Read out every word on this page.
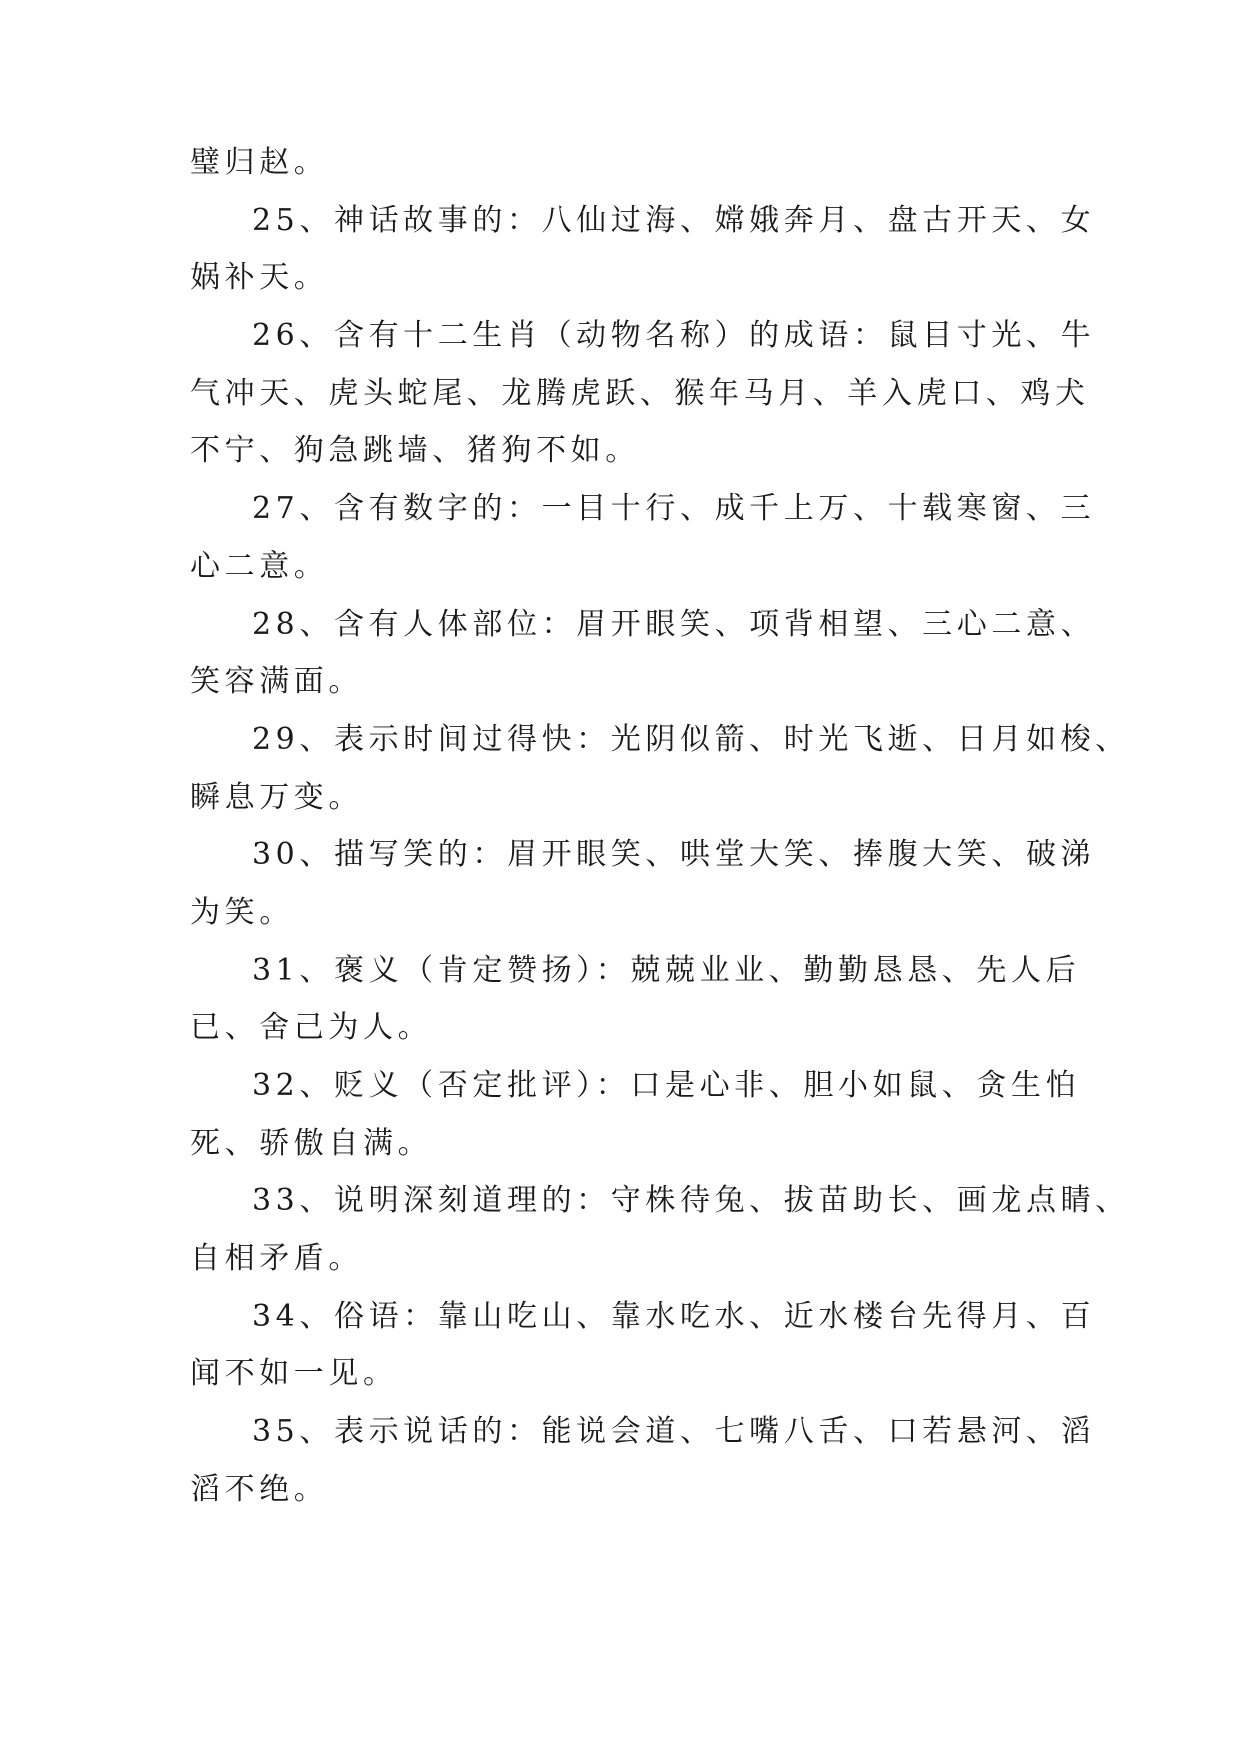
璧归赵。
25、神话故事的：八仙过海、嫦娥奔月、盘古开天、女
娲补天。
26、含有十二生肖（动物名称）的成语：鼠目寸光、牛
气冲天、虎头蛇尾、龙腾虎跃、猴年马月、羊入虎口、鸡犬
不宁、狗急跳墙、猪狗不如。
27、含有数字的：一目十行、成千上万、十载寒窗、三
心二意。
28、含有人体部位：眉开眼笑、项背相望、三心二意、
笑容满面。
29、表示时间过得快：光阴似箭、时光飞逝、日月如梭、
瞬息万变。
30、描写笑的：眉开眼笑、哄堂大笑、捧腹大笑、破涕
为笑。
31、褒义（肯定赞扬）：兢兢业业、勤勤恳恳、先人后
已、舍己为人。
32、贬义（否定批评）：口是心非、胆小如鼠、贪生怕
死、骄傲自满。
33、说明深刻道理的：守株待兔、拔苗助长、画龙点睛、
自相矛盾。
34、俗语：靠山吃山、靠水吃水、近水楼台先得月、百
闻不如一见。
35、表示说话的：能说会道、七嘴八舌、口若悬河、滔
滔不绝。
